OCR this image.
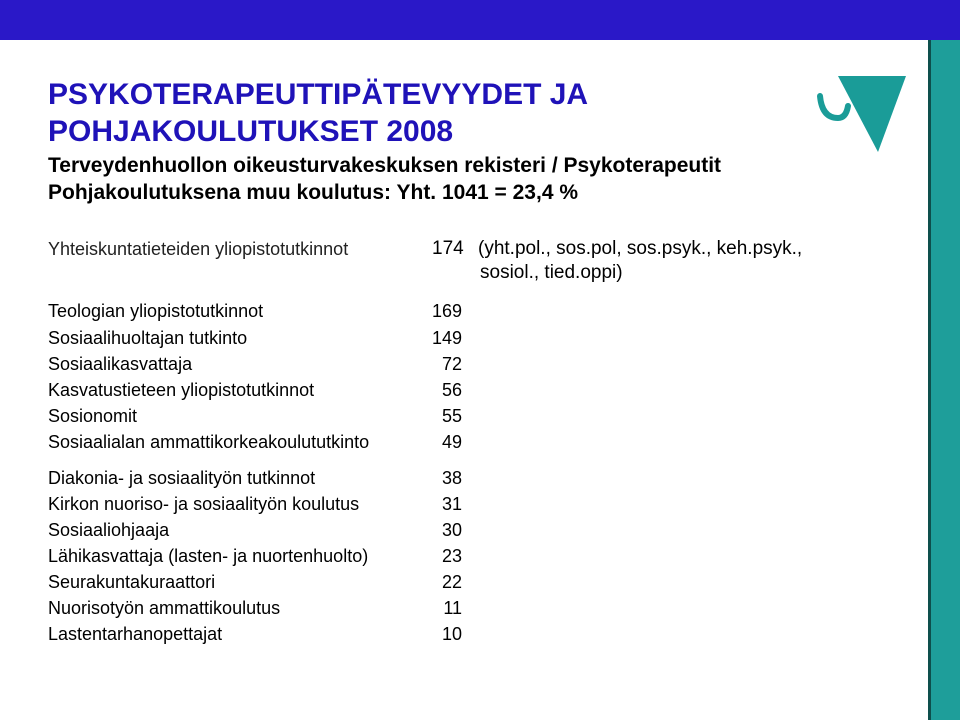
PSYKOTERAPEUTTIPÄTEVYYDET JA
POHJAKOULUTUKSET 2008

Terveydenhuollon oikeusturvakeskuksen rekisteri / Psykoterapeutit

Pohjakoulutuksena muu koulutus: Yht. 1041 = 23,4 %

Yhteiskuntatieteiden yliopistotutkinnot	174 (yht.pol., sos.pol, sos.psyk., keh.psyk.,
sosiol., tied.oppi)
Teologian yliopistotutkinnot	169
Sosiaalihuoltajan tutkinto	149
Sosiaalikasvattaja	72
Kasvatustieteen yliopistotutkinnot	56
Sosionomit	55
Sosiaalialan ammattikorkeakoulututkinto	49
Diakonia- ja sosiaalityön tutkinnot	38
Kirkon nuoriso- ja sosiaalityön koulutus	31
Sosiaaliohjaaja	30
Lähikasvattaja (lasten- ja nuortenhuolto)	23
Seurakuntakuraattori	22
Nuorisotyön ammattikoulutus	11
Lastentarhanopettajat	10
